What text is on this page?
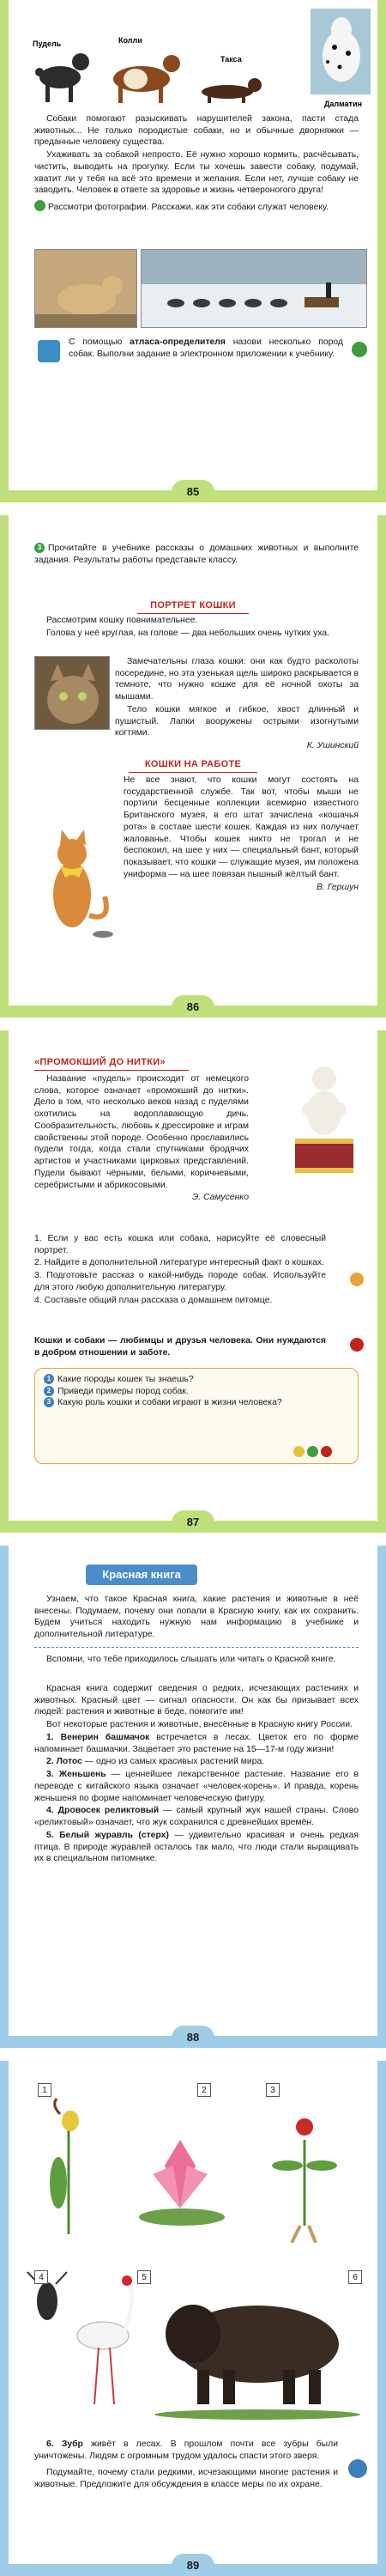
Пудель	Колли
Такса
Далматин

Собаки помогают разыскивать нарушителей закона, пасти стада животных... Не только породистые собаки, но и обычные дворняжки — преданные человеку существа.

Ухаживать за собакой непросто. Её нужно хорошо кормить, расчёсывать, чистить, выводить на прогулку. Если ты хочешь завести собаку, подумай, хватит ли у тебя на всё это времени и желания. Если нет, лучше собаку не заводить. Человек в ответе за здоровье и жизнь четвероногого друга!

Рассмотри фотографии. Расскажи, как эти собаки служат человеку.

С помощью атласа-определителя назови несколько пород собак. Выполни задание в электронном приложении к учебнику.

85

3 Прочитайте в учебнике рассказы о домашних животных и выполните задания. Результаты работы представьте классу.

ПОРТРЕТ КОШКИ

Рассмотрим кошку повнимательнее.

Голова у неё круглая, на голове — два небольших очень чутких уха.

Замечательны глаза кошки: они как будто расколоты посередине, но эта узенькая щель широко раскрывается в темноте, что нужно кошке для её ночной охоты за мышами.

Тело кошки мягкое и гибкое, хвост длинный и пушистый. Лапки вооружены острыми изогнутыми когтями.

К. Ушинский

КОШКИ НА РАБОТЕ

Не все знают, что кошки могут состоять на государственной службе. Так вот, чтобы мыши не портили бесценные коллекции всемирно известного Британского музея, в его штат зачислена «кошачья рота» в составе шести кошек. Каждая из них получает жалованье. Чтобы кошек никто не трогал и не беспокоил, на шее у них — специальный бант, который показывает, что кошки — служащие музея, им положена униформа — на шее повязан пышный жёлтый бант.

В. Гершун

86
«ПРОМОКШИЙ ДО НИТКИ»

Название «пудель» происходит от немецкого слова, которое означает «промокший до нитки». Дело в том, что несколько веков назад с пуделями охотились на водоплавающую дичь. Сообразительность, любовь к дрессировке и играм свойственны этой породе. Особенно прославились пудели тогда, когда стали спутниками бродячих артистов и участниками цирковых представлений. Пудели бывают чёрными, белыми, коричневыми, серебристыми и абрикосовыми.

Э. Самусенко

1. Если у вас есть кошка или собака, нарисуйте её словесный портрет.

2. Найдите в дополнительной литературе интересный факт о кошках.

3. Подготовьте рассказ о какой-нибудь породе собак. Используйте для этого любую дополнительную литературу.

4. Составьте общий план рассказа о домашнем питомце.

Кошки и собаки — любимцы и друзья человека. Они нуждаются в добром отношении и заботе.

1 Какие породы кошек ты знаешь?

2 Приведи примеры пород собак.

3 Какую роль кошки и собаки играют в жизни человека?

87
Красная книга

Узнаем, что такое Красная книга, какие растения и животные в неё внесены. Подумаем, почему они попали в Красную книгу, как их сохранить. Будем учиться находить нужную нам информацию в учебнике и дополнительной литературе.

Вспомни, что тебе приходилось слышать или читать о Красной книге.

Красная книга содержит сведения о редких, исчезающих растениях и животных. Красный цвет — сигнал опасности. Он как бы призывает всех людей: растения и животные в беде, помогите им!

Вот некоторые растения и животные, внесённые в Красную книгу России.

1. Венерин башмачок встречается в лесах. Цветок его по форме напоминает башмачки. Зацветает это растение на 15—17-м году жизни!

2. Лотос — одно из самых красивых растений мира.

3. Женьшень — ценнейшее лекарственное растение. Название его в переводе с китайского языка означает «человек-корень». И правда, корень женьшеня по форме напоминает человеческую фигуру.

4. Дровосек реликтовый — самый крупный жук нашей страны. Слово «реликтовый» означает, что жук сохранился с древнейших времён.

5. Белый журавль (стерх) — удивительно красивая и очень редкая птица. В природе журавлей осталось так мало, что люди стали выращивать их в специальном питомнике.

88
1	2	3
4	5	6

6. Зубр живёт в лесах. В прошлом почти все зубры были уничтожены. Людям с огромным трудом удалось спасти этого зверя.

Подумайте, почему стали редкими, исчезающими многие растения и животные. Предложите для обсуждения в классе меры по их охране.

89
